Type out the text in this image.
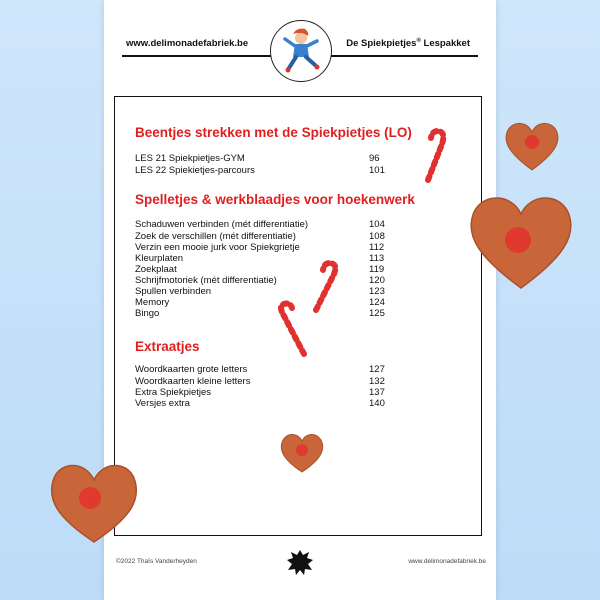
www.delimonadefabriek.be	De Spiekpietjes® Lespakket
Beentjes strekken met de Spiekpietjes (LO)
LES 21 Spiekpietjes-GYM	96
LES 22 Spiekietjes-parcours	101
Spelletjes & werkblaadjes voor hoekenwerk
Schaduwen verbinden (mét differentiatie)	104
Zoek de verschillen (mét differentiatie)	108
Verzin een mooie jurk voor Spiekgrietje	112
Kleurplaten	113
Zoekplaat	119
Schrijfmotoriek (mét differentiatie)	120
Spullen verbinden	123
Memory	124
Bingo	125
Extraatjes
Woordkaarten grote letters	127
Woordkaarten kleine letters	132
Extra Spiekpietjes	137
Versjes extra	140
©2022 Thaïs Vanderheyden	www.delimonadefabriek.be
